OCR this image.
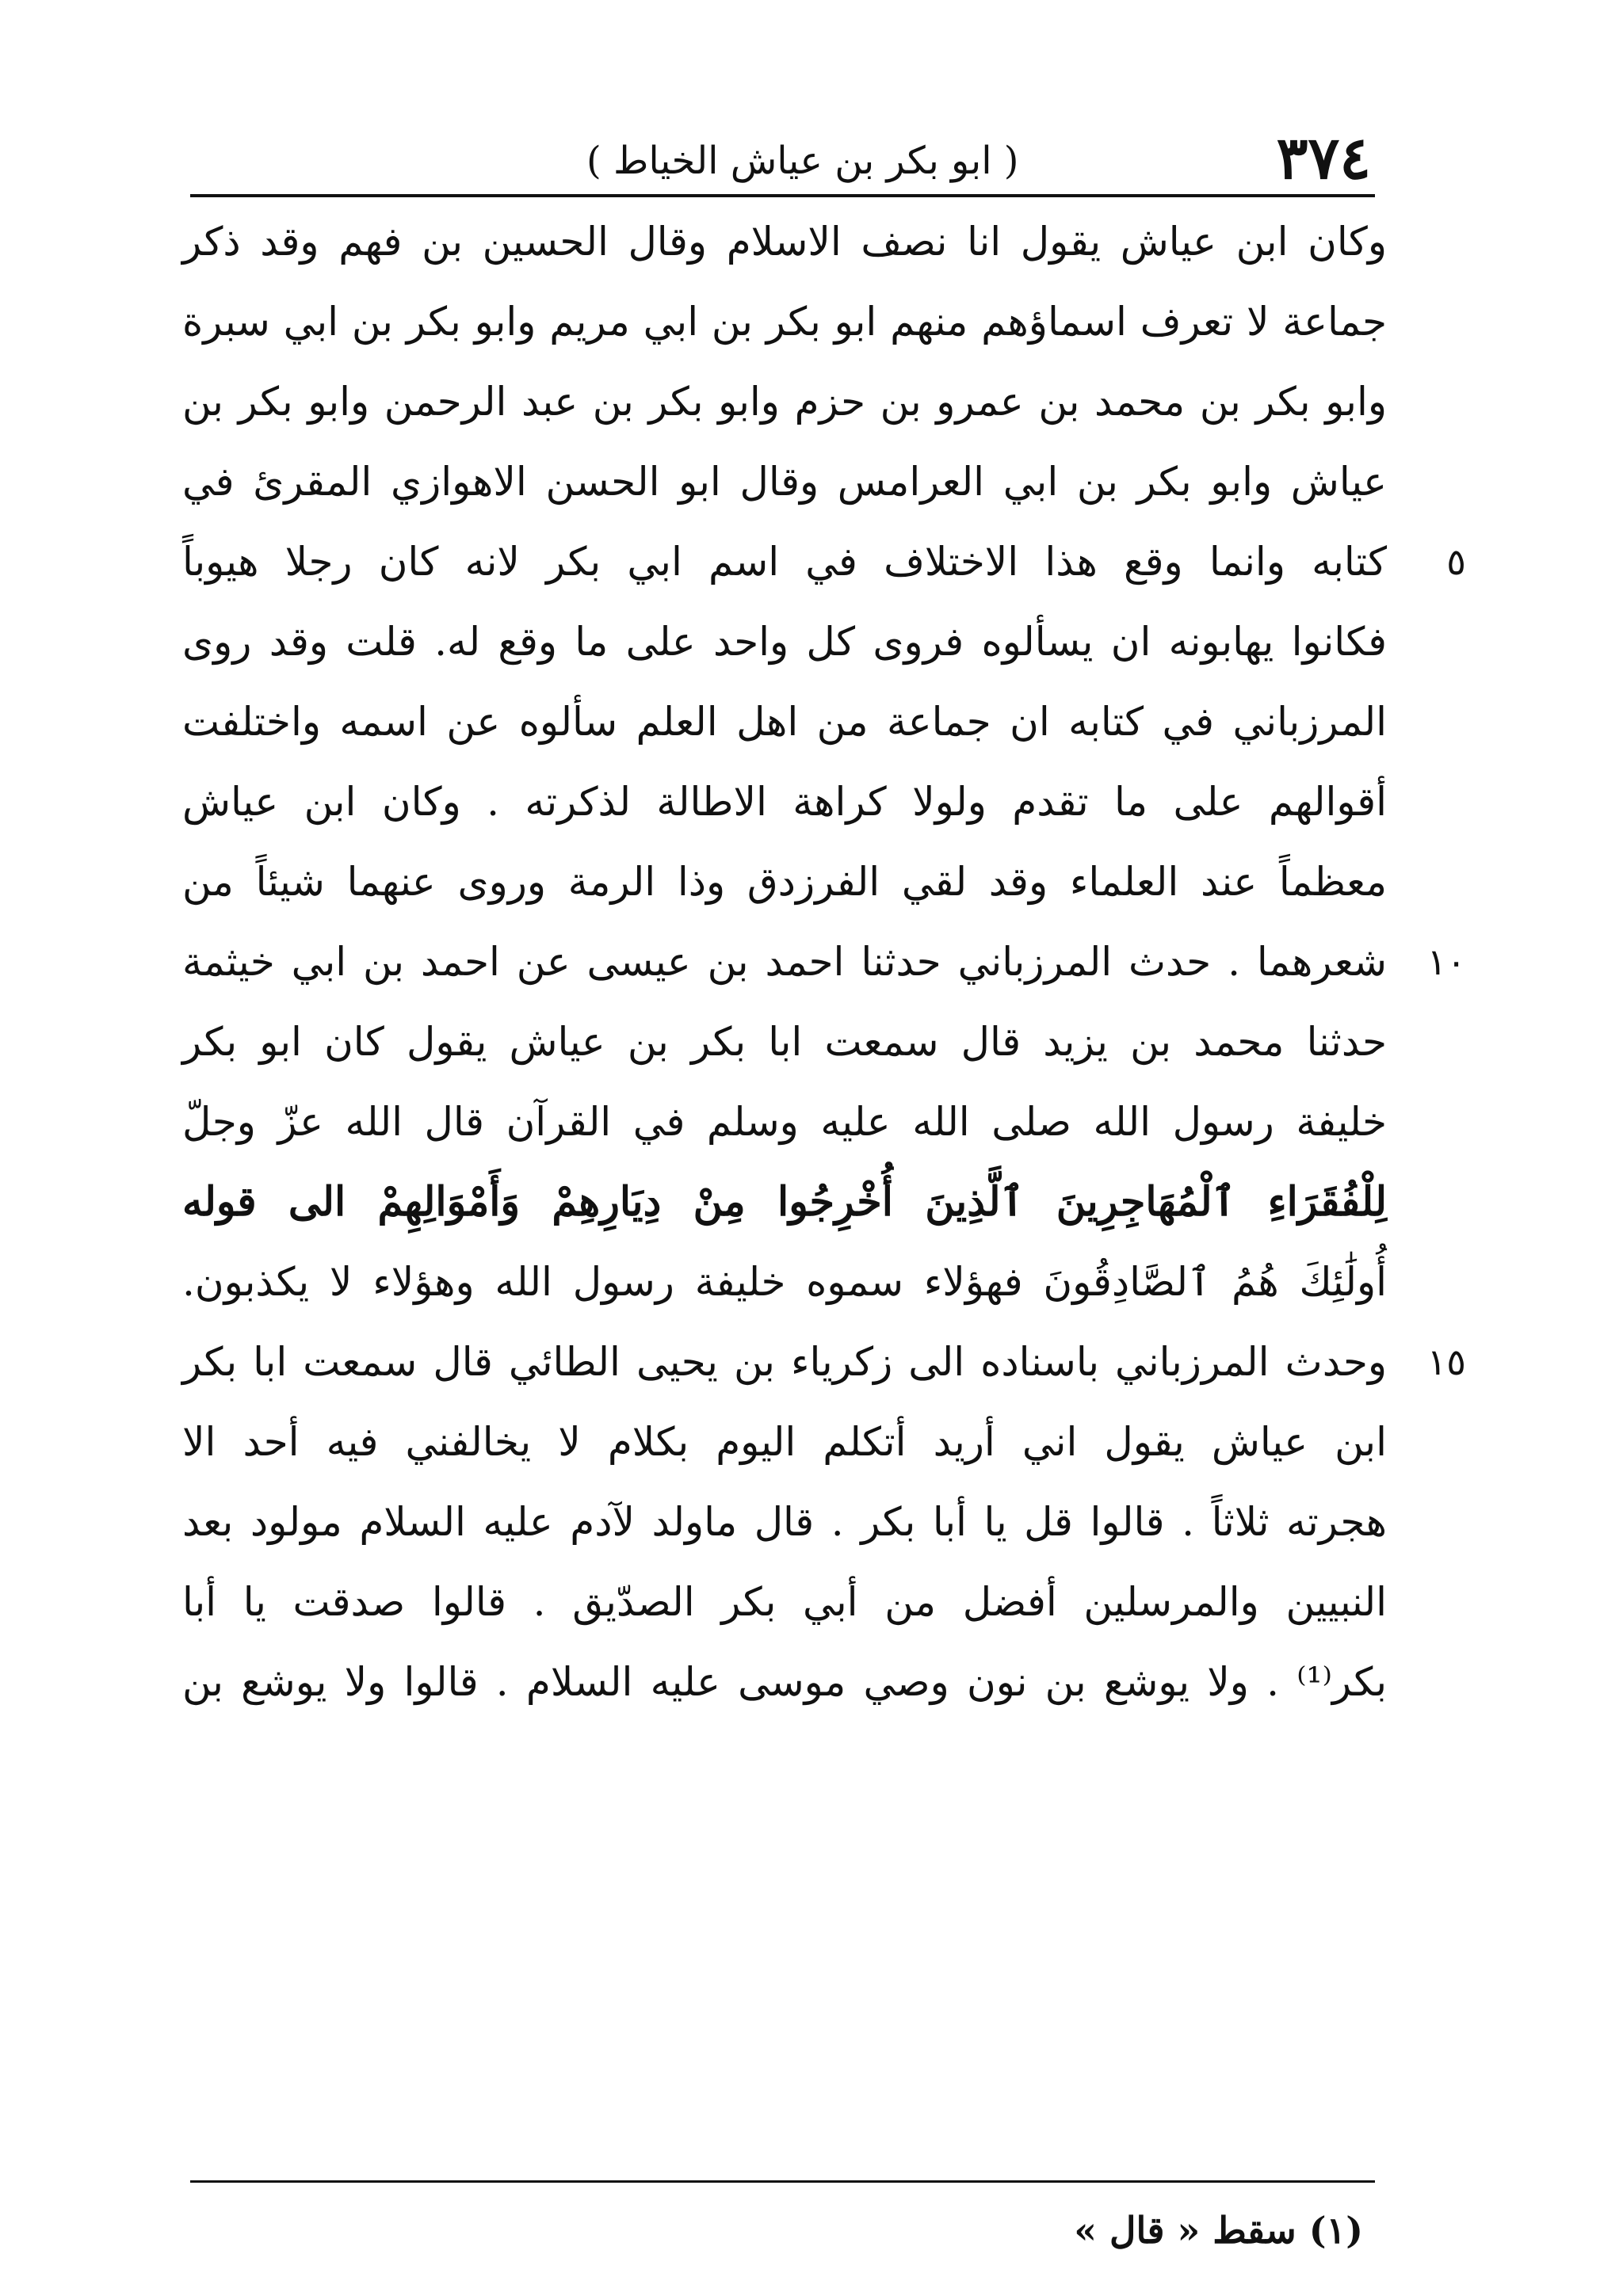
٣٧٤
( ابو بكر بن عياش الخياط )
وكان ابن عياش يقول انا نصف الاسلام وقال الحسين بن فهم وقد ذكر
جماعة لا تعرف اسماؤهم منهم ابو بكر بن ابي مريم وابو بكر بن ابي سبرة
وابو بكر بن محمد بن عمرو بن حزم وابو بكر بن عبد الرحمن وابو بكر بن
عياش وابو بكر بن ابي العرامس وقال ابو الحسن الاهوازي المقرئ في
كتابه وانما وقع هذا الاختلاف في اسم ابي بكر لانه كان رجلا هيوباً	٥
فكانوا يهابونه ان يسألوه فروى كل واحد على ما وقع له. قلت وقد روى
المرزباني في كتابه ان جماعة من اهل العلم سألوه عن اسمه واختلفت
أقوالهم على ما تقدم ولولا كراهة الاطالة لذكرته . وكان ابن عياش
معظماً عند العلماء وقد لقي الفرزدق وذا الرمة وروى عنهما شيئاً من
شعرهما . حدث المرزباني حدثنا احمد بن عيسى عن احمد بن ابي خيثمة	١٠
حدثنا محمد بن يزيد قال سمعت ابا بكر بن عياش يقول كان ابو بكر
خليفة رسول الله صلى الله عليه وسلم في القرآن قال الله عزّ وجلّ
لِلْفُقَرَاءِ ٱلْمُهَاجِرِينَ ٱلَّذِينَ أُخْرِجُوا مِنْ دِيَارِهِمْ وَأَمْوَالِهِمْ الى قوله
أُولَٰئِكَ هُمُ ٱلصَّادِقُونَ فهؤلاء سموه خليفة رسول الله وهؤلاء لا يكذبون.
وحدث المرزباني باسناده الى زكرياء بن يحيى الطائي قال سمعت ابا بكر	١٥
ابن عياش يقول اني أريد أتكلم اليوم بكلام لا يخالفني فيه أحد الا
هجرته ثلاثاً . قالوا قل يا أبا بكر . قال ماولد لآدم عليه السلام مولود بعد
النبيين والمرسلين أفضل من أبي بكر الصدّيق . قالوا صدقت يا أبا
بكر⁽¹⁾ . ولا يوشع بن نون وصي موسى عليه السلام . قالوا ولا يوشع بن
(١) سقط « قال »
